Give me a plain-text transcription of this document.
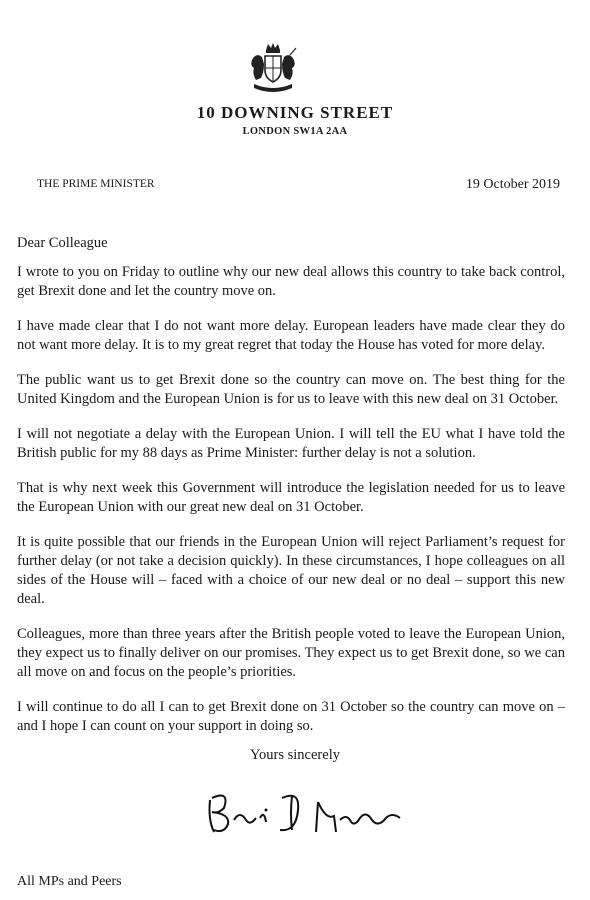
10 DOWNING STREET
LONDON SW1A 2AA
THE PRIME MINISTER	19 October 2019
Dear Colleague

I wrote to you on Friday to outline why our new deal allows this country to take back control, get Brexit done and let the country move on.

I have made clear that I do not want more delay. European leaders have made clear they do not want more delay. It is to my great regret that today the House has voted for more delay.

The public want us to get Brexit done so the country can move on. The best thing for the United Kingdom and the European Union is for us to leave with this new deal on 31 October.

I will not negotiate a delay with the European Union. I will tell the EU what I have told the British public for my 88 days as Prime Minister: further delay is not a solution.

That is why next week this Government will introduce the legislation needed for us to leave the European Union with our great new deal on 31 October.

It is quite possible that our friends in the European Union will reject Parliament’s request for further delay (or not take a decision quickly). In these circumstances, I hope colleagues on all sides of the House will – faced with a choice of our new deal or no deal – support this new deal.

Colleagues, more than three years after the British people voted to leave the European Union, they expect us to finally deliver on our promises. They expect us to get Brexit done, so we can all move on and focus on the people’s priorities.

I will continue to do all I can to get Brexit done on 31 October so the country can move on – and I hope I can count on your support in doing so.

Yours sincerely
All MPs and Peers
